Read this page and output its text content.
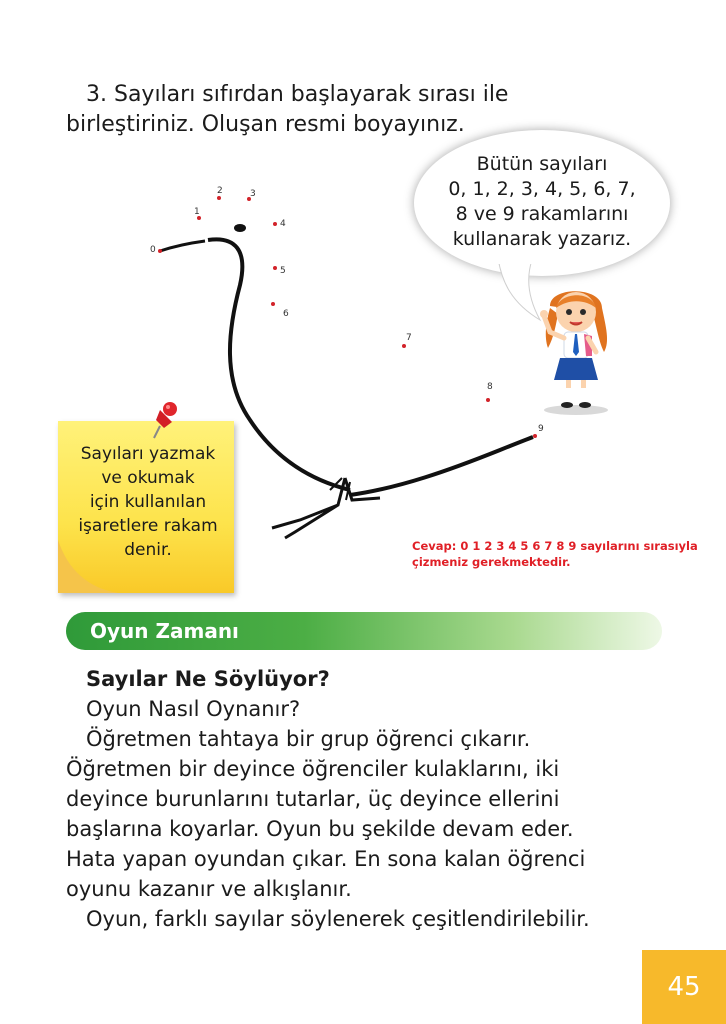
3. Sayıları sıfırdan başlayarak sırası ile
birleştiriniz. Oluşan resmi boyayınız.
0
1
2	3
4
5
6
7
8
9
Bütün sayıları
0, 1, 2, 3, 4, 5, 6, 7,
8 ve 9 rakamlarını
kullanarak yazarız.
Sayıları yazmak
ve okumak
için kullanılan
işaretlere rakam
denir.	Cevap: 0 1 2 3 4 5 6 7 8 9 sayılarını sırasıyla
çizmeniz gerekmektedir.
Oyun Zamanı
Sayılar Ne Söylüyor?
Oyun Nasıl Oynanır?
Öğretmen tahtaya bir grup öğrenci çıkarır.
Öğretmen bir deyince öğrenciler kulaklarını, iki
deyince burunlarını tutarlar, üç deyince ellerini
başlarına koyarlar. Oyun bu şekilde devam eder.
Hata yapan oyundan çıkar. En sona kalan öğrenci
oyunu kazanır ve alkışlanır.
Oyun, farklı sayılar söylenerek çeşitlendirilebilir.
45
